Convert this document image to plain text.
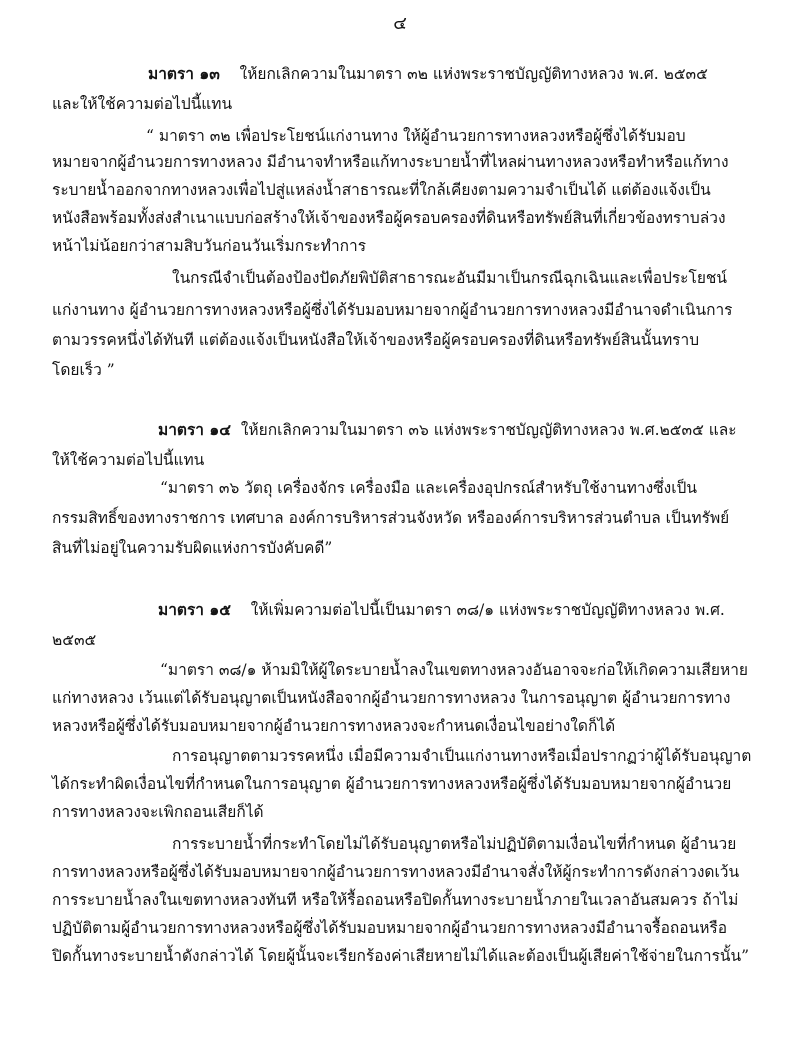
๔
มาตรา ๑๓ ให้ยกเลิกความในมาตรา ๓๒ แห่งพระราชบัญญัติทางหลวง พ.ศ. ๒๕๓๕
และให้ใช้ความต่อไปนี้แทน
“ มาตรา ๓๒ เพื่อประโยชน์แก่งานทาง ให้ผู้อำนวยการทางหลวงหรือผู้ซึ่งได้รับมอบ
หมายจากผู้อำนวยการทางหลวง มีอำนาจทำหรือแก้ทางระบายน้ำที่ไหลผ่านทางหลวงหรือทำหรือแก้ทาง
ระบายน้ำออกจากทางหลวงเพื่อไปสู่แหล่งน้ำสาธารณะที่ใกล้เคียงตามความจำเป็นได้ แต่ต้องแจ้งเป็น
หนังสือพร้อมทั้งส่งสำเนาแบบก่อสร้างให้เจ้าของหรือผู้ครอบครองที่ดินหรือทรัพย์สินที่เกี่ยวข้องทราบล่วง
หน้าไม่น้อยกว่าสามสิบวันก่อนวันเริ่มกระทำการ
ในกรณีจำเป็นต้องป้องปัดภัยพิบัติสาธารณะอันมีมาเป็นกรณีฉุกเฉินและเพื่อประโยชน์
แก่งานทาง ผู้อำนวยการทางหลวงหรือผู้ซึ่งได้รับมอบหมายจากผู้อำนวยการทางหลวงมีอำนาจดำเนินการ
ตามวรรคหนึ่งได้ทันที แต่ต้องแจ้งเป็นหนังสือให้เจ้าของหรือผู้ครอบครองที่ดินหรือทรัพย์สินนั้นทราบ
โดยเร็ว ”
มาตรา ๑๔ ให้ยกเลิกความในมาตรา ๓๖ แห่งพระราชบัญญัติทางหลวง พ.ศ.๒๕๓๕ และ
ให้ใช้ความต่อไปนี้แทน
“มาตรา ๓๖ วัตถุ เครื่องจักร เครื่องมือ และเครื่องอุปกรณ์สำหรับใช้งานทางซึ่งเป็น
กรรมสิทธิ์ของทางราชการ เทศบาล องค์การบริหารส่วนจังหวัด หรือองค์การบริหารส่วนตำบล เป็นทรัพย์
สินที่ไม่อยู่ในความรับผิดแห่งการบังคับคดี”
มาตรา ๑๕ ให้เพิ่มความต่อไปนี้เป็นมาตรา ๓๘/๑ แห่งพระราชบัญญัติทางหลวง พ.ศ.
๒๕๓๕
“มาตรา ๓๘/๑ ห้ามมิให้ผู้ใดระบายน้ำลงในเขตทางหลวงอันอาจจะก่อให้เกิดความเสียหาย
แก่ทางหลวง เว้นแต่ได้รับอนุญาตเป็นหนังสือจากผู้อำนวยการทางหลวง ในการอนุญาต ผู้อำนวยการทาง
หลวงหรือผู้ซึ่งได้รับมอบหมายจากผู้อำนวยการทางหลวงจะกำหนดเงื่อนไขอย่างใดก็ได้
การอนุญาตตามวรรคหนึ่ง เมื่อมีความจำเป็นแก่งานทางหรือเมื่อปรากฏว่าผู้ได้รับอนุญาต
ได้กระทำผิดเงื่อนไขที่กำหนดในการอนุญาต ผู้อำนวยการทางหลวงหรือผู้ซึ่งได้รับมอบหมายจากผู้อำนวย
การทางหลวงจะเพิกถอนเสียก็ได้
การระบายน้ำที่กระทำโดยไม่ได้รับอนุญาตหรือไม่ปฏิบัติตามเงื่อนไขที่กำหนด ผู้อำนวย
การทางหลวงหรือผู้ซึ่งได้รับมอบหมายจากผู้อำนวยการทางหลวงมีอำนาจสั่งให้ผู้กระทำการดังกล่าวงดเว้น
การระบายน้ำลงในเขตทางหลวงทันที หรือให้รื้อถอนหรือปิดกั้นทางระบายน้ำภายในเวลาอันสมควร ถ้าไม่
ปฏิบัติตามผู้อำนวยการทางหลวงหรือผู้ซึ่งได้รับมอบหมายจากผู้อำนวยการทางหลวงมีอำนาจรื้อถอนหรือ
ปิดกั้นทางระบายน้ำดังกล่าวได้ โดยผู้นั้นจะเรียกร้องค่าเสียหายไม่ได้และต้องเป็นผู้เสียค่าใช้จ่ายในการนั้น”
